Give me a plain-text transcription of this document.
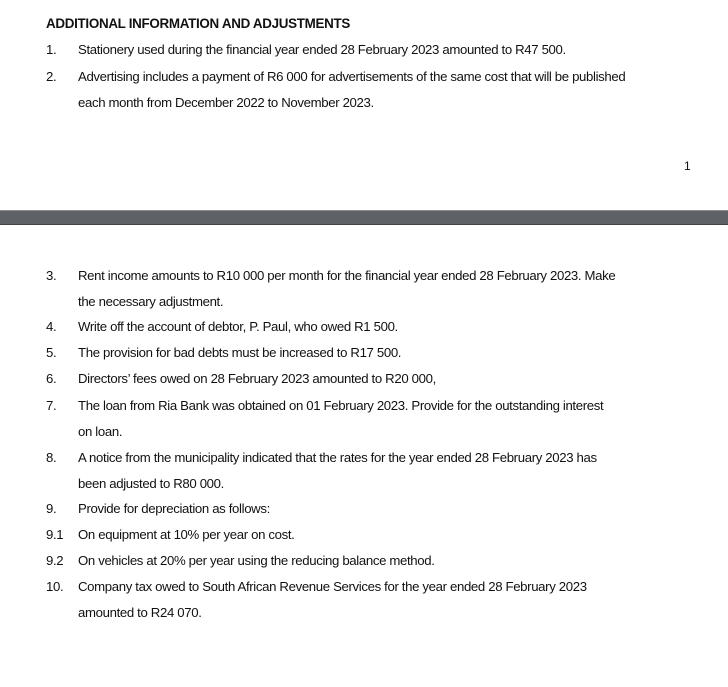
ADDITIONAL INFORMATION AND ADJUSTMENTS
1. Stationery used during the financial year ended 28 February 2023 amounted to R47 500.
2. Advertising includes a payment of R6 000 for advertisements of the same cost that will be published
each month from December 2022 to November 2023.
1
3. Rent income amounts to R10 000 per month for the financial year ended 28 February 2023. Make
the necessary adjustment.
4. Write off the account of debtor, P. Paul, who owed R1 500.
5. The provision for bad debts must be increased to R17 500.
6. Directors’ fees owed on 28 February 2023 amounted to R20 000,
7. The loan from Ria Bank was obtained on 01 February 2023. Provide for the outstanding interest
on loan.
8. A notice from the municipality indicated that the rates for the year ended 28 February 2023 has
been adjusted to R80 000.
9. Provide for depreciation as follows:
9.1 On equipment at 10% per year on cost.
9.2 On vehicles at 20% per year using the reducing balance method.
10. Company tax owed to South African Revenue Services for the year ended 28 February 2023
amounted to R24 070.
